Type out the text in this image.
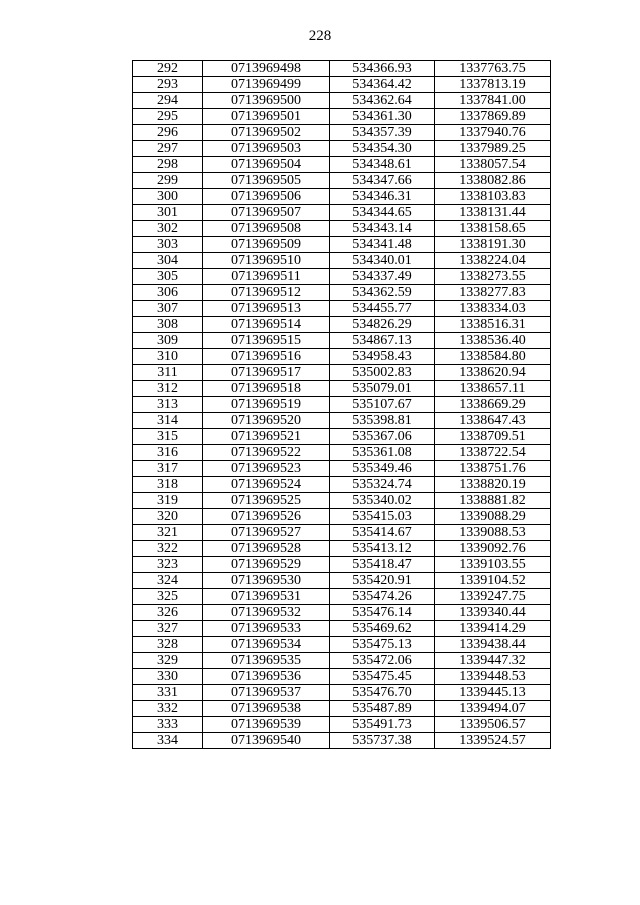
228
292	0713969498	534366.93	1337763.75
293	0713969499	534364.42	1337813.19
294	0713969500	534362.64	1337841.00
295	0713969501	534361.30	1337869.89
296	0713969502	534357.39	1337940.76
297	0713969503	534354.30	1337989.25
298	0713969504	534348.61	1338057.54
299	0713969505	534347.66	1338082.86
300	0713969506	534346.31	1338103.83
301	0713969507	534344.65	1338131.44
302	0713969508	534343.14	1338158.65
303	0713969509	534341.48	1338191.30
304	0713969510	534340.01	1338224.04
305	0713969511	534337.49	1338273.55
306	0713969512	534362.59	1338277.83
307	0713969513	534455.77	1338334.03
308	0713969514	534826.29	1338516.31
309	0713969515	534867.13	1338536.40
310	0713969516	534958.43	1338584.80
311	0713969517	535002.83	1338620.94
312	0713969518	535079.01	1338657.11
313	0713969519	535107.67	1338669.29
314	0713969520	535398.81	1338647.43
315	0713969521	535367.06	1338709.51
316	0713969522	535361.08	1338722.54
317	0713969523	535349.46	1338751.76
318	0713969524	535324.74	1338820.19
319	0713969525	535340.02	1338881.82
320	0713969526	535415.03	1339088.29
321	0713969527	535414.67	1339088.53
322	0713969528	535413.12	1339092.76
323	0713969529	535418.47	1339103.55
324	0713969530	535420.91	1339104.52
325	0713969531	535474.26	1339247.75
326	0713969532	535476.14	1339340.44
327	0713969533	535469.62	1339414.29
328	0713969534	535475.13	1339438.44
329	0713969535	535472.06	1339447.32
330	0713969536	535475.45	1339448.53
331	0713969537	535476.70	1339445.13
332	0713969538	535487.89	1339494.07
333	0713969539	535491.73	1339506.57
334	0713969540	535737.38	1339524.57
